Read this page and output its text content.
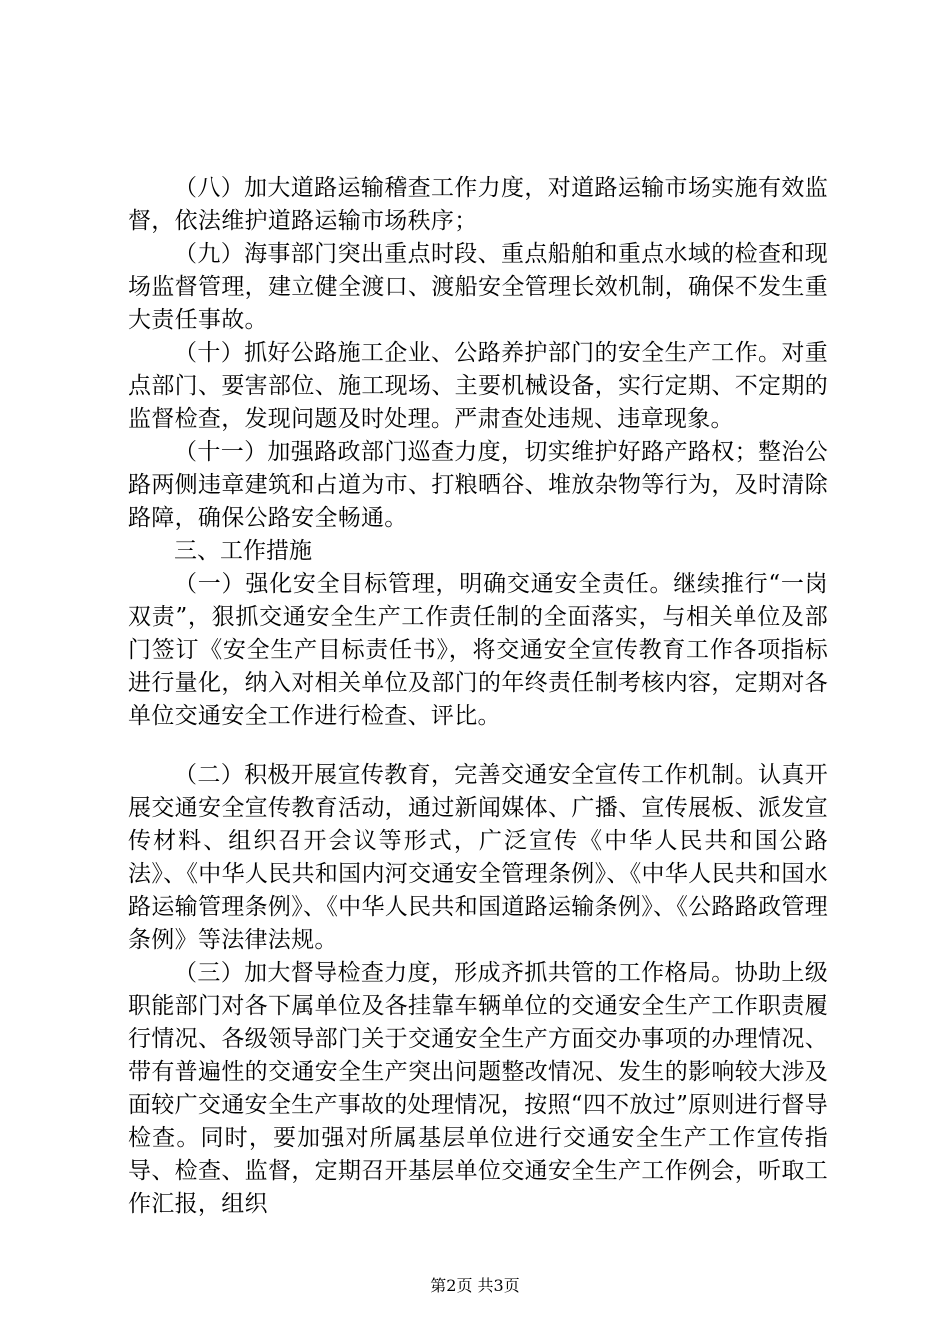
（八）加大道路运输稽查工作力度，对道路运输市场实施有效监督，依法维护道路运输市场秩序；

（九）海事部门突出重点时段、重点船舶和重点水域的检查和现场监督管理，建立健全渡口、渡船安全管理长效机制，确保不发生重大责任事故。

（十）抓好公路施工企业、公路养护部门的安全生产工作。对重点部门、要害部位、施工现场、主要机械设备，实行定期、不定期的监督检查，发现问题及时处理。严肃查处违规、违章现象。

（十一）加强路政部门巡查力度，切实维护好路产路权；整治公路两侧违章建筑和占道为市、打粮晒谷、堆放杂物等行为，及时清除路障，确保公路安全畅通。

三、工作措施

（一）强化安全目标管理，明确交通安全责任。继续推行“一岗双责”，狠抓交通安全生产工作责任制的全面落实，与相关单位及部门签订《安全生产目标责任书》，将交通安全宣传教育工作各项指标进行量化，纳入对相关单位及部门的年终责任制考核内容，定期对各单位交通安全工作进行检查、评比。

（二）积极开展宣传教育，完善交通安全宣传工作机制。认真开展交通安全宣传教育活动，通过新闻媒体、广播、宣传展板、派发宣传材料、组织召开会议等形式，广泛宣传《中华人民共和国公路法》、《中华人民共和国内河交通安全管理条例》、《中华人民共和国水路运输管理条例》、《中华人民共和国道路运输条例》、《公路路政管理条例》等法律法规。

（三）加大督导检查力度，形成齐抓共管的工作格局。协助上级职能部门对各下属单位及各挂靠车辆单位的交通安全生产工作职责履行情况、各级领导部门关于交通安全生产方面交办事项的办理情况、带有普遍性的交通安全生产突出问题整改情况、发生的影响较大涉及面较广交通安全生产事故的处理情况，按照“四不放过”原则进行督导检查。同时，要加强对所属基层单位进行交通安全生产工作宣传指导、检查、监督，定期召开基层单位交通安全生产工作例会，听取工作汇报，组织

第2页 共3页
